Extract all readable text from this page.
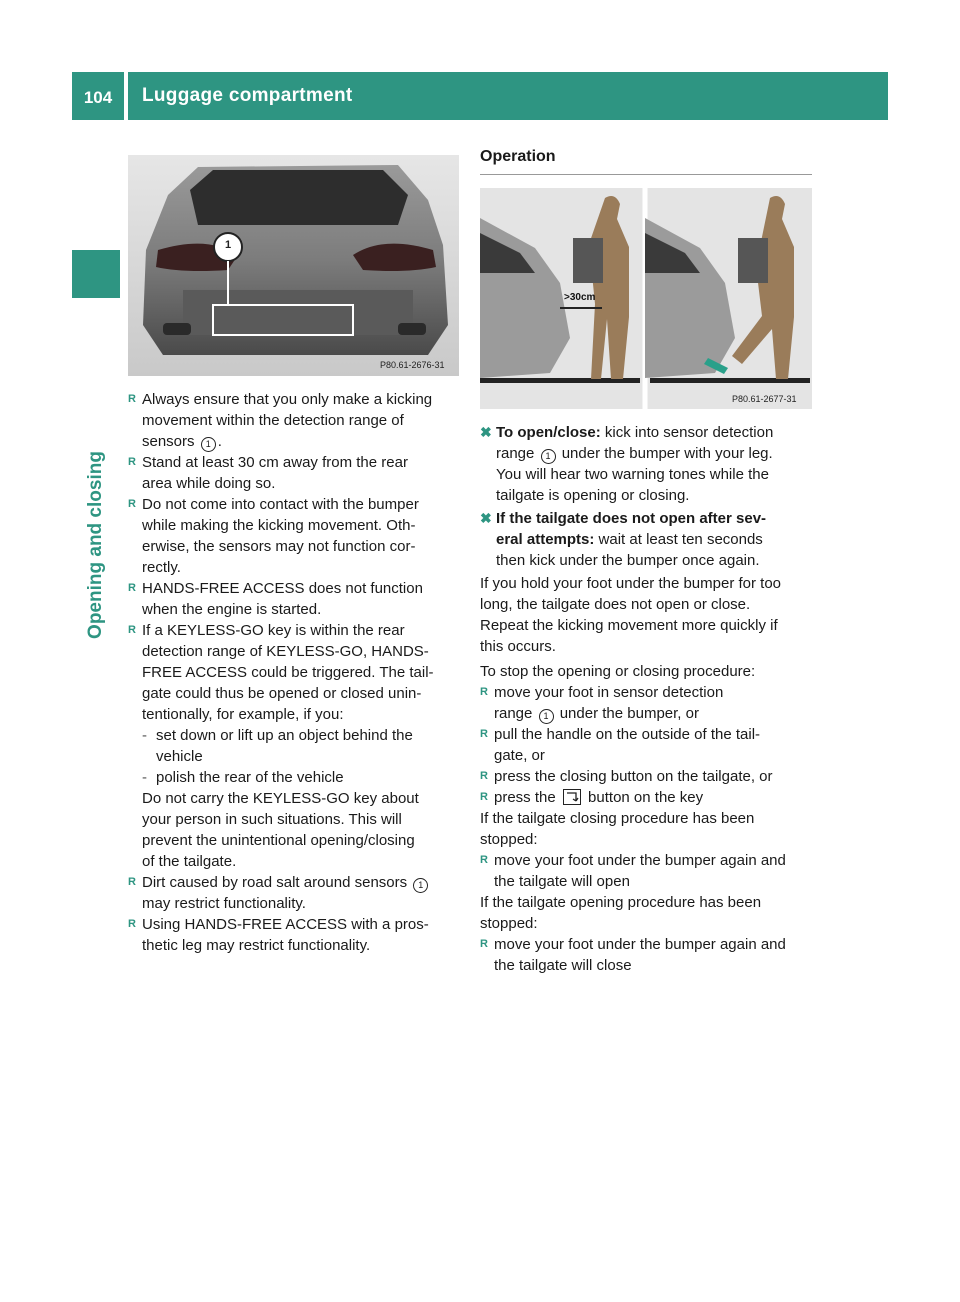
104	Luggage compartment
Opening and closing
1
P80.61-2676-31
>30cm
P80.61-2677-31
R Always ensure that you only make a kicking
movement within the detection range of
sensors 1 .
R Stand at least 30 cm away from the rear
area while doing so.
R Do not come into contact with the bumper
while making the kicking movement. Oth-
erwise, the sensors may not function cor-
rectly.
R HANDS-FREE ACCESS does not function
when the engine is started.
R If a KEYLESS-GO key is within the rear
detection range of KEYLESS-GO, HANDS-
FREE ACCESS could be triggered. The tail-
gate could thus be opened or closed unin-
tentionally, for example, if you:
- set down or lift up an object behind the
vehicle
- polish the rear of the vehicle
Do not carry the KEYLESS-GO key about
your person in such situations. This will
prevent the unintentional opening/closing
of the tailgate.
R Dirt caused by road salt around sensors 1
may restrict functionality.
R Using HANDS-FREE ACCESS with a pros-
thetic leg may restrict functionality.
Operation
✖ To open/close: kick into sensor detection
range 1 under the bumper with your leg.
You will hear two warning tones while the
tailgate is opening or closing.
✖ If the tailgate does not open after sev-
eral attempts: wait at least ten seconds
then kick under the bumper once again.
If you hold your foot under the bumper for too
long, the tailgate does not open or close.
Repeat the kicking movement more quickly if
this occurs.
To stop the opening or closing procedure:
R move your foot in sensor detection
range 1 under the bumper, or
R pull the handle on the outside of the tail-
gate, or
R press the closing button on the tailgate, or
R press the button on the key
If the tailgate closing procedure has been
stopped:
R move your foot under the bumper again and
the tailgate will open
If the tailgate opening procedure has been
stopped:
R move your foot under the bumper again and
the tailgate will close
